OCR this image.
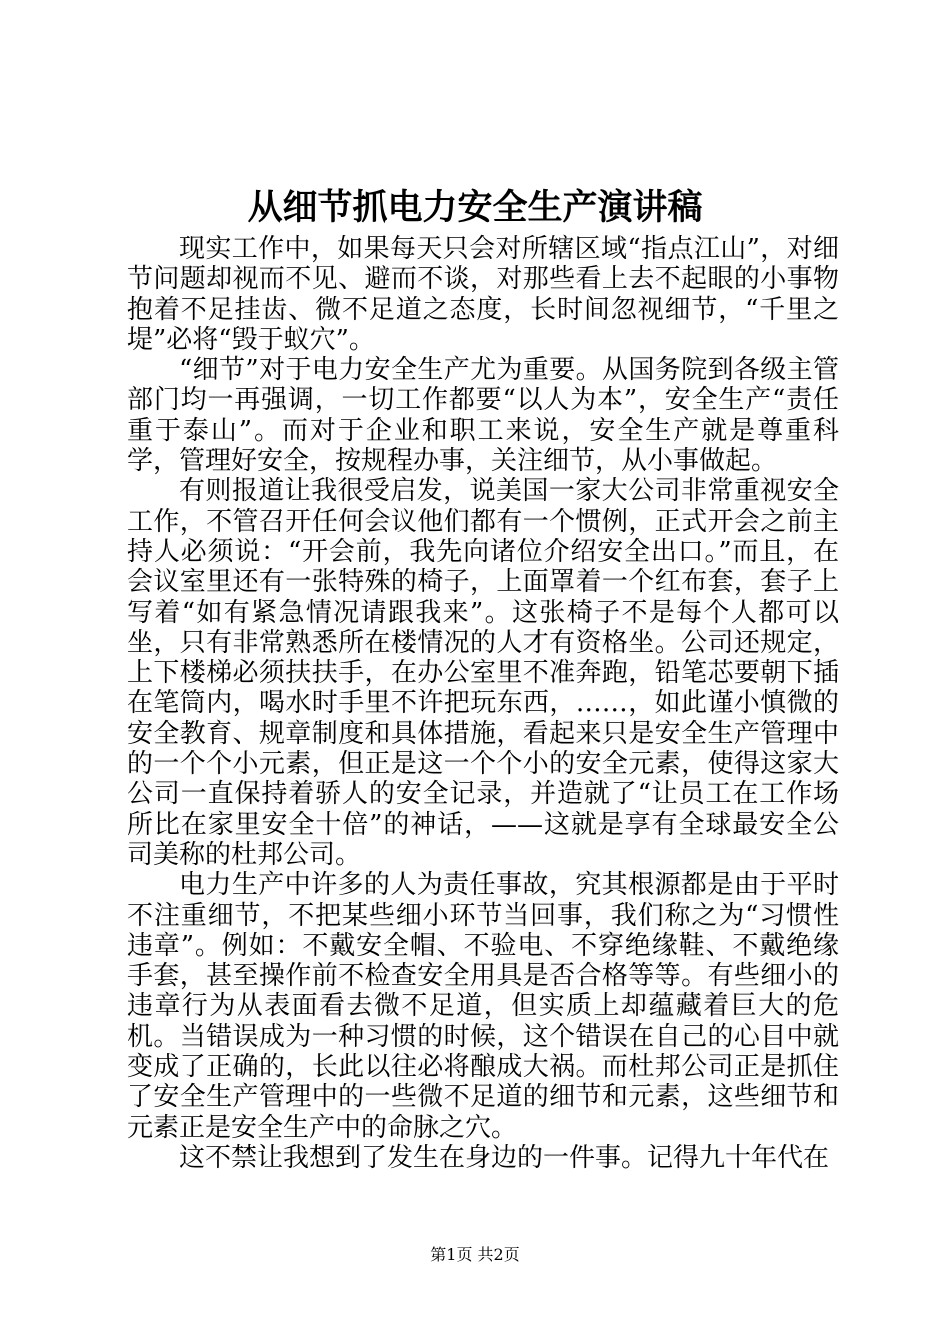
从细节抓电力安全生产演讲稿

现实工作中，如果每天只会对所辖区域“指点江山”，对细节问题却视而不见、避而不谈，对那些看上去不起眼的小事物抱着不足挂齿、微不足道之态度，长时间忽视细节，“千里之堤”必将“毁于蚁穴”。

“细节”对于电力安全生产尤为重要。从国务院到各级主管部门均一再强调，一切工作都要“以人为本”，安全生产“责任重于泰山”。而对于企业和职工来说，安全生产就是尊重科学，管理好安全，按规程办事，关注细节，从小事做起。

有则报道让我很受启发，说美国一家大公司非常重视安全工作，不管召开任何会议他们都有一个惯例，正式开会之前主持人必须说：“开会前，我先向诸位介绍安全出口。”而且，在会议室里还有一张特殊的椅子，上面罩着一个红布套，套子上写着“如有紧急情况请跟我来”。这张椅子不是每个人都可以坐，只有非常熟悉所在楼情况的人才有资格坐。公司还规定，上下楼梯必须扶扶手，在办公室里不准奔跑，铅笔芯要朝下插在笔筒内，喝水时手里不许把玩东西，……，如此谨小慎微的安全教育、规章制度和具体措施，看起来只是安全生产管理中的一个个小元素，但正是这一个个小的安全元素，使得这家大公司一直保持着骄人的安全记录，并造就了“让员工在工作场所比在家里安全十倍”的神话，——这就是享有全球最安全公司美称的杜邦公司。

电力生产中许多的人为责任事故，究其根源都是由于平时不注重细节，不把某些细小环节当回事，我们称之为“习惯性违章”。例如：不戴安全帽、不验电、不穿绝缘鞋、不戴绝缘手套，甚至操作前不检查安全用具是否合格等等。有些细小的违章行为从表面看去微不足道，但实质上却蕴藏着巨大的危机。当错误成为一种习惯的时候，这个错误在自己的心目中就变成了正确的，长此以往必将酿成大祸。而杜邦公司正是抓住了安全生产管理中的一些微不足道的细节和元素，这些细节和元素正是安全生产中的命脉之穴。

这不禁让我想到了发生在身边的一件事。记得九十年代在

第1页 共2页
